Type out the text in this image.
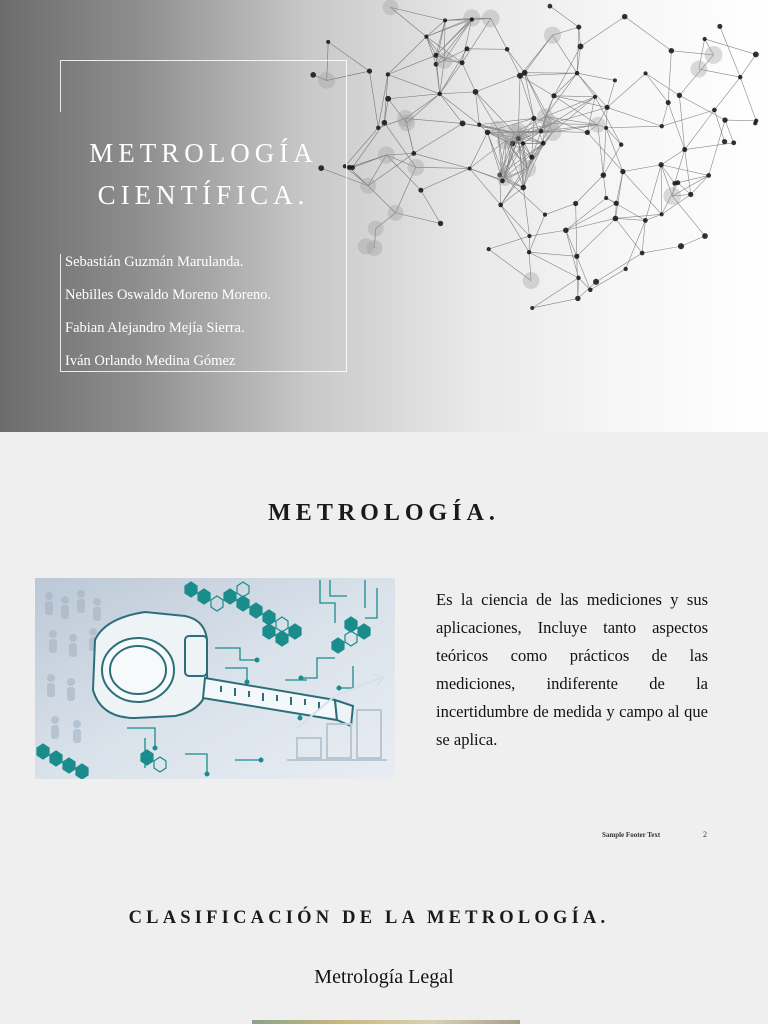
METROLOGÍA
CIENTÍFICA.
Sebastián Guzmán Marulanda.
Nebilles Oswaldo Moreno Moreno.
Fabian Alejandro Mejía Sierra.
Iván Orlando Medina Gómez
METROLOGÍA.
Es la ciencia de las mediciones y sus aplicaciones, Incluye tanto aspectos teóricos como prácticos de las mediciones, indiferente de la incertidumbre de medida y campo al que se aplica.
Sample Footer Text	2
CLASIFICACIÓN DE LA METROLOGÍA.
Metrología Legal
